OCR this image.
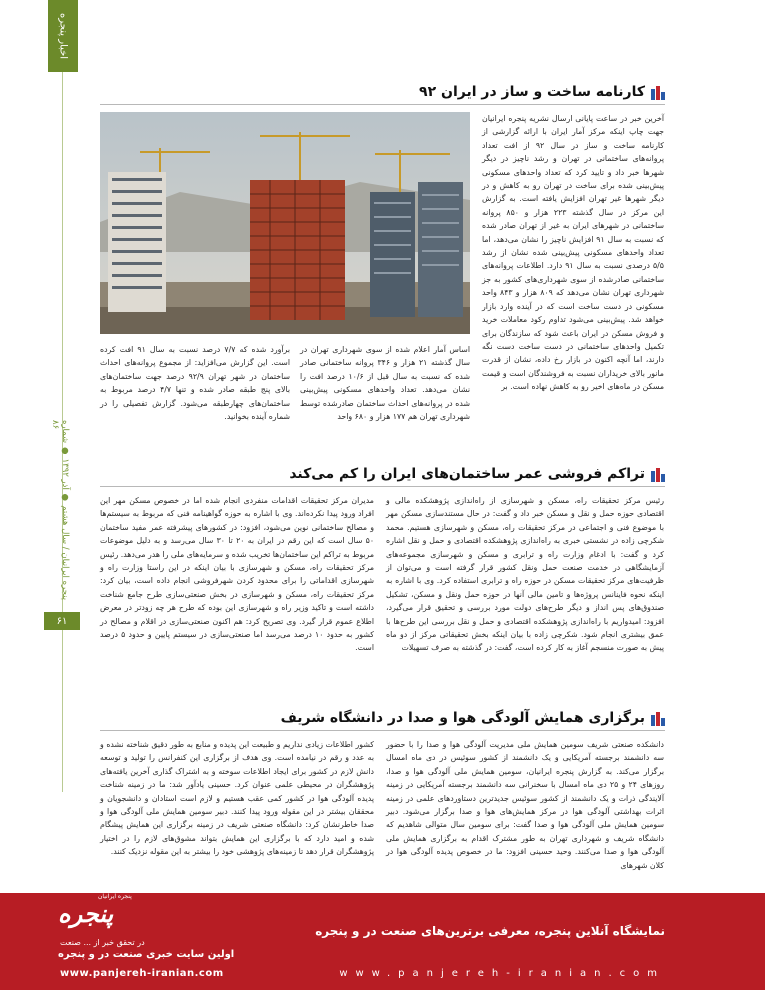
اخبار پنجره
پنجره ایرانیان / سال هشتم ● آذر ۱۳۹۲ ● شماره ۸۶
۶۱
کارنامه ساخت و ساز در ایران ۹۲
آخرین خبر در ساعت پایانی ارسال نشریه پنجره ایرانیان جهت چاپ اینکه مرکز آمار ایران با ارائه گزارشی از کارنامه ساخت و ساز در سال ۹۲ از افت تعداد پروانه‌های ساختمانی در تهران و رشد ناچیز در دیگر شهرها خبر داد و تایید کرد که تعداد واحدهای مسکونی پیش‌بینی شده برای ساخت در تهران رو به کاهش و در دیگر شهرها غیر تهران افزایش یافته است. به گزارش این مرکز در سال گذشته ۲۲۳ هزار و ۸۵۰ پروانه ساختمانی در شهرهای ایران به غیر از تهران صادر شده که نسبت به سال ۹۱ افزایش ناچیز را نشان می‌دهد، اما تعداد واحدهای مسکونی پیش‌بینی شده نشان از رشد ۵/۵ درصدی نسبت به سال ۹۱ دارد. اطلاعات پروانه‌های ساختمانی صادرشده از سوی شهرداری‌های کشور به جز شهرداری تهران نشان می‌دهد که ۸۰۹ هزار و ۸۴۳ واحد مسکونی در دست ساخت است که در آینده وارد بازار خواهد شد. پیش‌بینی می‌شود تداوم رکود معاملات خرید و فروش مسکن در ایران باعث شود که سازندگان برای تکمیل واحدهای ساختمانی در دست ساخت دست نگه دارند، اما آنچه اکنون در بازار رخ داده، نشان از قدرت مانور بالای خریداران نسبت به فروشندگان است و قیمت مسکن در ماه‌های اخیر رو به کاهش نهاده است. بر
اساس آمار اعلام شده از سوی شهرداری تهران در سال گذشته ۲۱ هزار و ۳۴۶ پروانه ساختمانی صادر شده که نسبت به سال قبل از ۱۰/۶ درصد افت را نشان می‌دهد. تعداد واحدهای مسکونی پیش‌بینی شده در پروانه‌های احداث ساختمان صادرشده توسط شهرداری تهران هم ۱۷۷ هزار و ۶۸۰ واحد
برآورد شده که ۷/۷ درصد نسبت به سال ۹۱ افت کرده است. این گزارش می‌افزاید: از مجموع پروانه‌های احداث ساختمان در شهر تهران ۹۲/۹ درصد جهت ساختمان‌های بالای پنج طبقه صادر شده و تنها ۴/۷ درصد مربوط به ساختمان‌های چهارطبقه می‌شود. گزارش تفصیلی را در شماره آینده بخوانید.
تراکم فروشی عمر ساختمان‌های ایران را کم می‌کند
رئیس مرکز تحقیقات راه، مسکن و شهرسازی از راه‌اندازی پژوهشکده مالی و اقتصادی حوزه حمل و نقل و مسکن خبر داد و گفت: در حال مستندسازی مسکن مهر با موضوع فنی و اجتماعی در مرکز تحقیقات راه، مسکن و شهرسازی هستیم. محمد شکرچی زاده در نشستی خبری به راه‌اندازی پژوهشکده اقتصادی و حمل و نقل اشاره کرد و گفت: با ادغام وزارت راه و ترابری و مسکن و شهرسازی مجموعه‌های آزمایشگاهی در خدمت صنعت حمل ونقل کشور قرار گرفته است و می‌توان از ظرفیت‌های مرکز تحقیقات مسکن در حوزه راه و ترابری استفاده کرد. وی با اشاره به اینکه نحوه فاینانس پروژه‌ها و تامین مالی آنها در حوزه حمل ونقل و مسکن، تشکیل صندوق‌های پس انداز و دیگر طرح‌های دولت مورد بررسی و تحقیق قرار می‌گیرد، افزود: امیدواریم با راه‌اندازی پژوهشکده اقتصادی و حمل و نقل بررسی این طرح‌ها با عمق بیشتری انجام شود. شکرچی زاده با بیان اینکه بخش تحقیقاتی مرکز از دو ماه پیش به صورت منسجم آغاز به کار کرده است، گفت: در گذشته به صرف تسهیلات
مدیران مرکز تحقیقات اقدامات منفردی انجام شده اما در خصوص مسکن مهر این افراد ورود پیدا نکرده‌اند. وی با اشاره به حوزه گواهینامه فنی که مربوط به سیستم‌ها و مصالح ساختمانی نوین می‌شود، افزود: در کشورهای پیشرفته عمر مفید ساختمان ۵۰ سال است که این رقم در ایران به ۲۰ تا ۳۰ سال می‌رسد و به دلیل موضوعات مربوط به تراکم این ساختمان‌ها تخریب شده و سرمایه‌های ملی را هدر می‌دهد. رئیس مرکز تحقیقات راه، مسکن و شهرسازی با بیان اینکه در این راستا وزارت راه و شهرسازی اقداماتی را برای محدود کردن شهرفروشی انجام داده است، بیان کرد: مرکز تحقیقات راه، مسکن و شهرسازی در بخش صنعتی‌سازی طرح جامع شناخت داشته است و تاکید وزیر راه و شهرسازی این بوده که طرح هر چه زودتر در معرض اطلاع عموم قرار گیرد. وی تصریح کرد: هم اکنون صنعتی‌سازی در اقلام و مصالح در کشور به حدود ۱۰ درصد می‌رسد اما صنعتی‌سازی در سیستم پایین و حدود ۵ درصد است.
برگزاری همایش آلودگی هوا و صدا در دانشگاه شریف
دانشکده صنعتی شریف سومین همایش ملی مدیریت آلودگی هوا و صدا را با حضور سه دانشمند برجسته آمریکایی و یک دانشمند از کشور سوئیس در دی ماه امسال برگزار می‌کند. به گزارش پنجره ایرانیان، سومین همایش ملی آلودگی هوا و صدا، روزهای ۲۴ و ۲۵ دی ماه امسال با سخنرانی سه دانشمند برجسته آمریکایی در زمینه آلایندگی ذرات و یک دانشمند از کشور سوئیس جدیدترین دستاوردهای علمی در زمینه اثرات بهداشتی آلودگی هوا در مرکز همایش‌های هوا و صدا برگزار می‌شود. دبیر سومین همایش ملی آلودگی هوا و صدا گفت: برای سومین سال متوالی شاهدیم که دانشگاه شریف و شهرداری تهران به طور مشترک اقدام به برگزاری همایش ملی آلودگی هوا و صدا می‌کنند. وحید حسینی افزود: ما در خصوص پدیده آلودگی هوا در کلان شهرهای
کشور اطلاعات زیادی نداریم و طبیعت این پدیده و منابع به طور دقیق شناخته نشده و به عدد و رقم در نیامده است. وی هدف از برگزاری این کنفرانس را تولید و توسعه دانش لازم در کشور برای ایجاد اطلاعات سوخته و به اشتراک گذاری آخرین یافته‌های پژوهشگران در محیطی علمی عنوان کرد. حسینی یادآور شد: ما در زمینه شناخت پدیده آلودگی هوا در کشور کمی عقب هستیم و لازم است استادان و دانشجویان و محققان بیشتر در این مقوله ورود پیدا کنند. دبیر سومین همایش ملی آلودگی هوا و صدا خاطرنشان کرد: دانشگاه صنعتی شریف در زمینه برگزاری این همایش پیشگام شده و امید دارد که با برگزاری این همایش بتواند مشوق‌های لازم را در اختیار پژوهشگران قرار دهد تا زمینه‌های پژوهشی خود را بیشتر به این مقوله نزدیک کنند.
پنجره ایرانیان
پنجره
در تحقق خبر از ... صنعت
اولین سایت خبری صنعت در و پنجره
نمایشگاه آنلاین پنجره، معرفی برترین‌های صنعت در و پنجره
www.panjereh-iranian.com	www.panjereh-iranian.com
